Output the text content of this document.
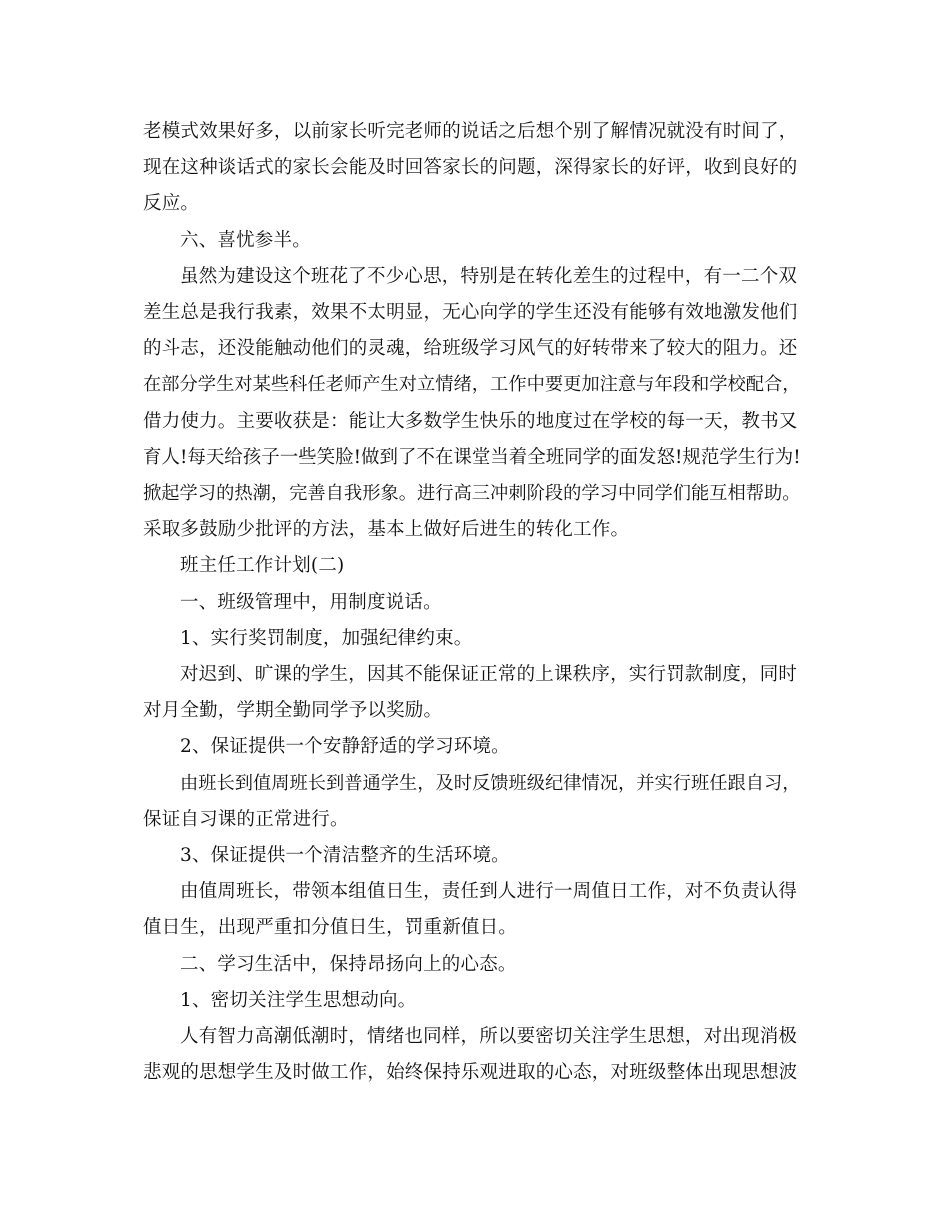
老模式效果好多，以前家长听完老师的说话之后想个别了解情况就没有时间了，
现在这种谈话式的家长会能及时回答家长的问题，深得家长的好评，收到良好的
反应。
六、喜忧参半。
虽然为建设这个班花了不少心思，特别是在转化差生的过程中，有一二个双
差生总是我行我素，效果不太明显，无心向学的学生还没有能够有效地激发他们
的斗志，还没能触动他们的灵魂，给班级学习风气的好转带来了较大的阻力。还
在部分学生对某些科任老师产生对立情绪，工作中要更加注意与年段和学校配合，
借力使力。主要收获是：能让大多数学生快乐的地度过在学校的每一天，教书又
育人!每天给孩子一些笑脸!做到了不在课堂当着全班同学的面发怒!规范学生行为!
掀起学习的热潮，完善自我形象。进行高三冲刺阶段的学习中同学们能互相帮助。
采取多鼓励少批评的方法，基本上做好后进生的转化工作。
班主任工作计划(二)
一、班级管理中，用制度说话。
1、实行奖罚制度，加强纪律约束。
对迟到、旷课的学生，因其不能保证正常的上课秩序，实行罚款制度，同时
对月全勤，学期全勤同学予以奖励。
2、保证提供一个安静舒适的学习环境。
由班长到值周班长到普通学生，及时反馈班级纪律情况，并实行班任跟自习，
保证自习课的正常进行。
3、保证提供一个清洁整齐的生活环境。
由值周班长，带领本组值日生，责任到人进行一周值日工作，对不负责认得
值日生，出现严重扣分值日生，罚重新值日。
二、学习生活中，保持昂扬向上的心态。
1、密切关注学生思想动向。
人有智力高潮低潮时，情绪也同样，所以要密切关注学生思想，对出现消极
悲观的思想学生及时做工作，始终保持乐观进取的心态，对班级整体出现思想波
